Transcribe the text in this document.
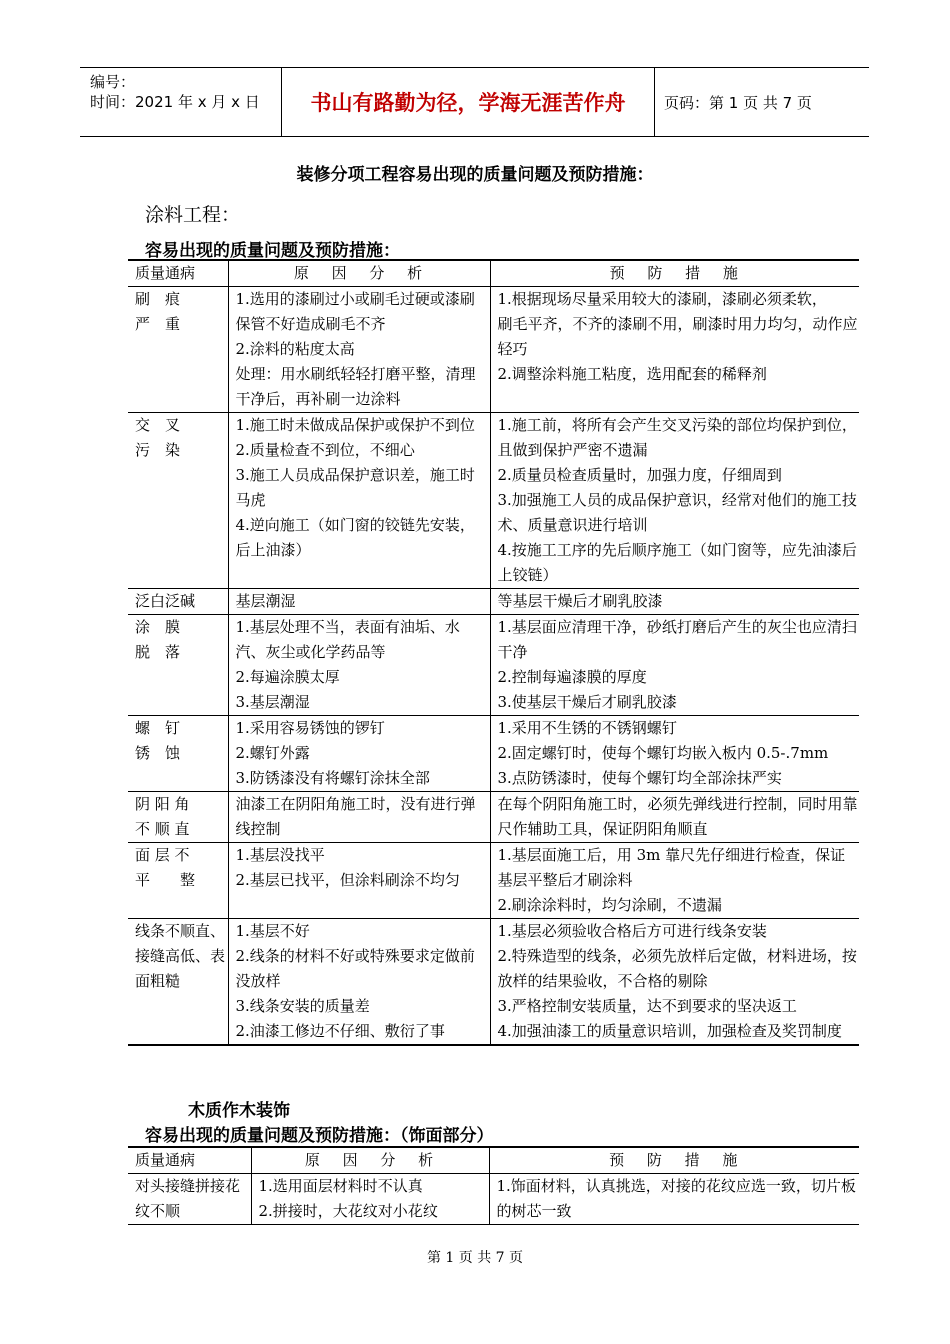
编号：
时间：2021 年 x 月 x 日	书山有路勤为径，学海无涯苦作舟	页码：第 1 页 共 7 页
装修分项工程容易出现的质量问题及预防措施：
涂料工程：
容易出现的质量问题及预防措施：
质量通病	原 因 分 析	预 防 措 施

刷　痕
严　重	1.选用的漆刷过小或刷毛过硬或漆刷保管不好造成刷毛不齐
2.涂料的粘度太高
处理：用水刷纸轻轻打磨平整，清理干净后，再补刷一边涂料	1.根据现场尽量采用较大的漆刷，漆刷必须柔软，
刷毛平齐，不齐的漆刷不用，刷漆时用力均匀，动作应轻巧
2.调整涂料施工粘度，选用配套的稀释剂

交　叉
污　染	1.施工时未做成品保护或保护不到位
2.质量检查不到位，不细心
3.施工人员成品保护意识差，施工时马虎
4.逆向施工（如门窗的铰链先安装，后上油漆）	1.施工前，将所有会产生交叉污染的部位均保护到位，且做到保护严密不遗漏
2.质量员检查质量时，加强力度，仔细周到
3.加强施工人员的成品保护意识，经常对他们的施工技术、质量意识进行培训
4.按施工工序的先后顺序施工（如门窗等，应先油漆后上铰链）

泛白泛碱	基层潮湿	等基层干燥后才刷乳胶漆

涂　膜
脱　落	1.基层处理不当，表面有油垢、水汽、灰尘或化学药品等
2.每遍涂膜太厚
3.基层潮湿	1.基层面应清理干净，砂纸打磨后产生的灰尘也应清扫干净
2.控制每遍漆膜的厚度
3.使基层干燥后才刷乳胶漆

螺　钉
锈　蚀	1.采用容易锈蚀的锣钉
2.螺钉外露
3.防锈漆没有将螺钉涂抹全部	1.采用不生锈的不锈钢螺钉
2.固定螺钉时，使每个螺钉均嵌入板内 0.5-.7mm
3.点防锈漆时，使每个螺钉均全部涂抹严实

阴 阳 角
不 顺 直	油漆工在阴阳角施工时，没有进行弹线控制	在每个阴阳角施工时，必须先弹线进行控制，同时用靠尺作辅助工具，保证阴阳角顺直

面 层 不
平　　整	1.基层没找平
2.基层已找平，但涂料刷涂不均匀	1.基层面施工后，用 3m 靠尺先仔细进行检查，保证基层平整后才刷涂料
2.刷涂涂料时，均匀涂刷，不遗漏

线条不顺直、接缝高低、表面粗糙	1.基层不好
2.线条的材料不好或特殊要求定做前没放样
3.线条安装的质量差
2.油漆工修边不仔细、敷衍了事	1.基层必须验收合格后方可进行线条安装
2.特殊造型的线条，必须先放样后定做，材料进场，按放样的结果验收，不合格的剔除
3.严格控制安装质量，达不到要求的坚决返工
4.加强油漆工的质量意识培训，加强检查及奖罚制度
木质作木装饰
容易出现的质量问题及预防措施：（饰面部分）
质量通病	原 因 分 析	预 防 措 施

对头接缝拼接花纹不顺	1.选用面层材料时不认真
2.拼接时，大花纹对小花纹	1.饰面材料，认真挑选，对接的花纹应选一致，切片板的树芯一致
第 1 页 共 7 页
